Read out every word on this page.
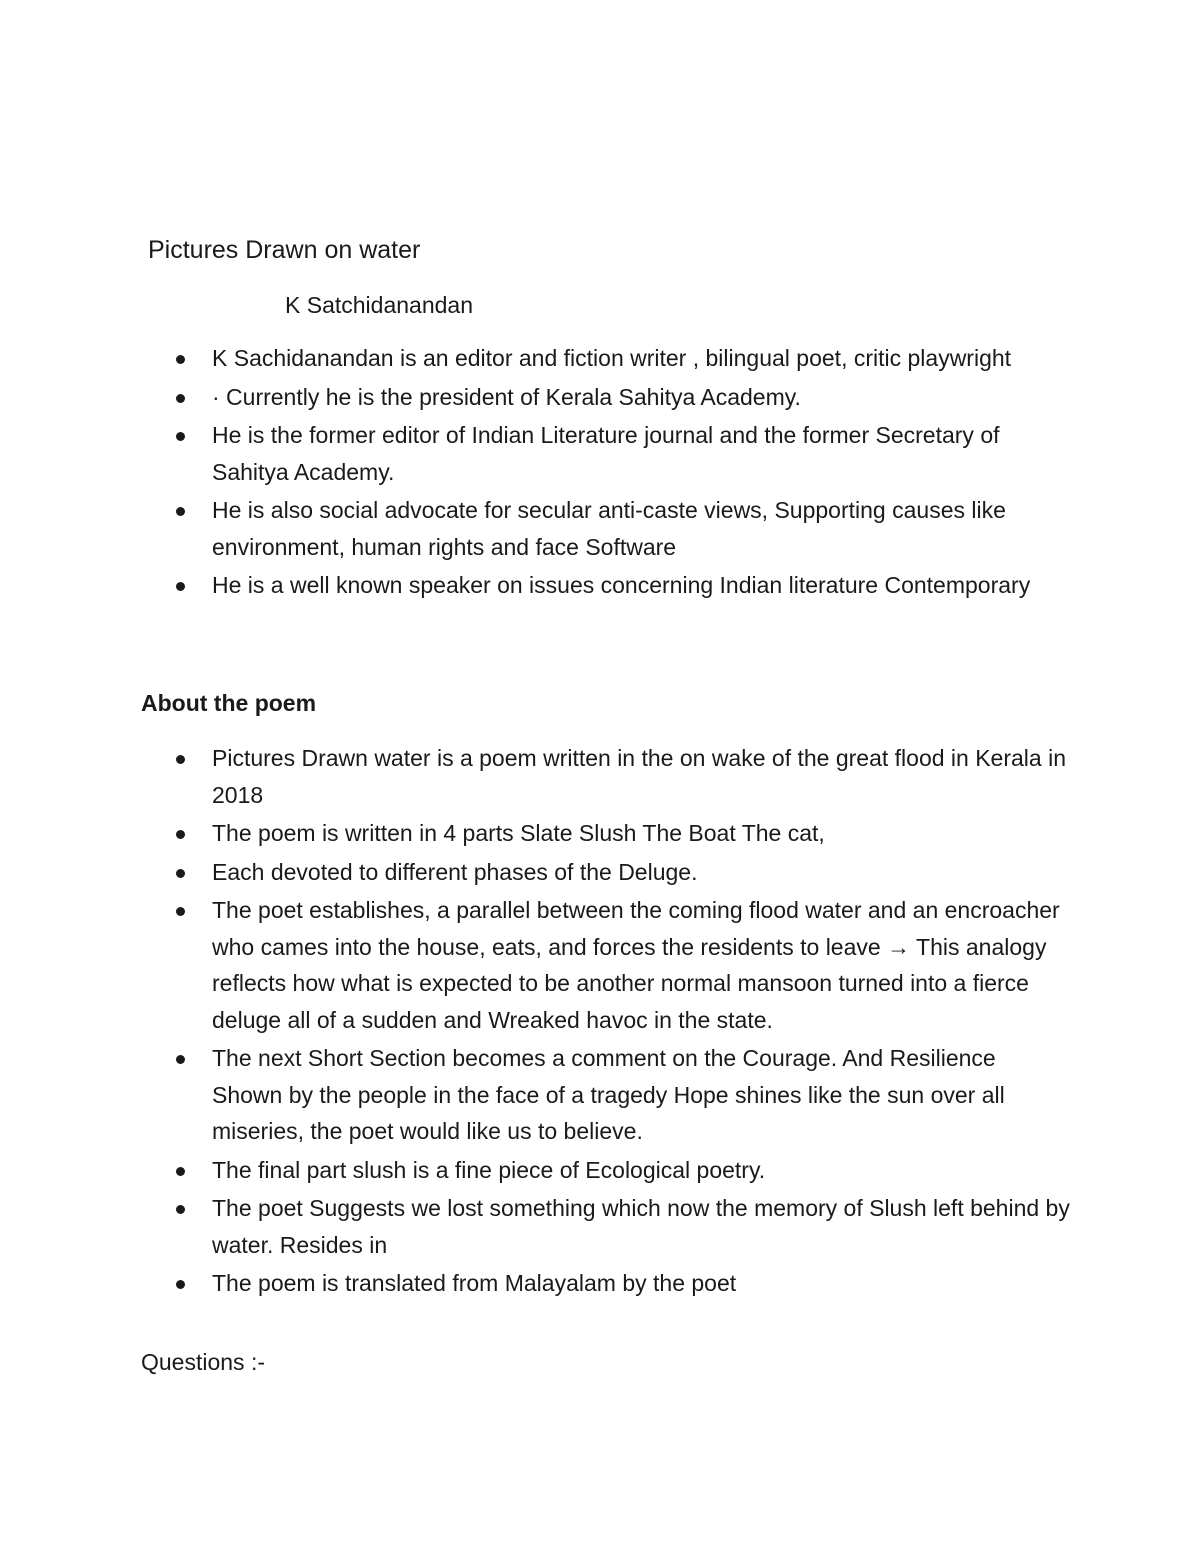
Pictures Drawn on water
K Satchidanandan
K Sachidanandan is an editor and fiction writer , bilingual poet, critic playwright
· Currently he is the president of Kerala Sahitya Academy.
He is the former editor of Indian Literature journal and the former Secretary of Sahitya Academy.
He is also social advocate for secular anti-caste views, Supporting causes like environment, human rights and face Software
He is a well known speaker on issues concerning Indian literature Contemporary
About the poem
Pictures Drawn water is a poem written in the on wake of the great flood in Kerala in 2018
The poem is written in 4 parts Slate Slush The Boat The cat,
Each devoted to different phases of the Deluge.
The poet establishes, a parallel between the coming flood water and an encroacher who cames into the house, eats, and forces the residents to leave → This analogy reflects how what is expected to be another normal mansoon turned into a fierce deluge all of a sudden and Wreaked havoc in the state.
The next Short Section becomes a comment on the Courage. And Resilience Shown by the people in the face of a tragedy Hope shines like the sun over all miseries, the poet would like us to believe.
The final part slush is a fine piece of Ecological poetry.
The poet Suggests we lost something which now the memory of Slush left behind by water. Resides in
The poem is translated from Malayalam by the poet
Questions :-
